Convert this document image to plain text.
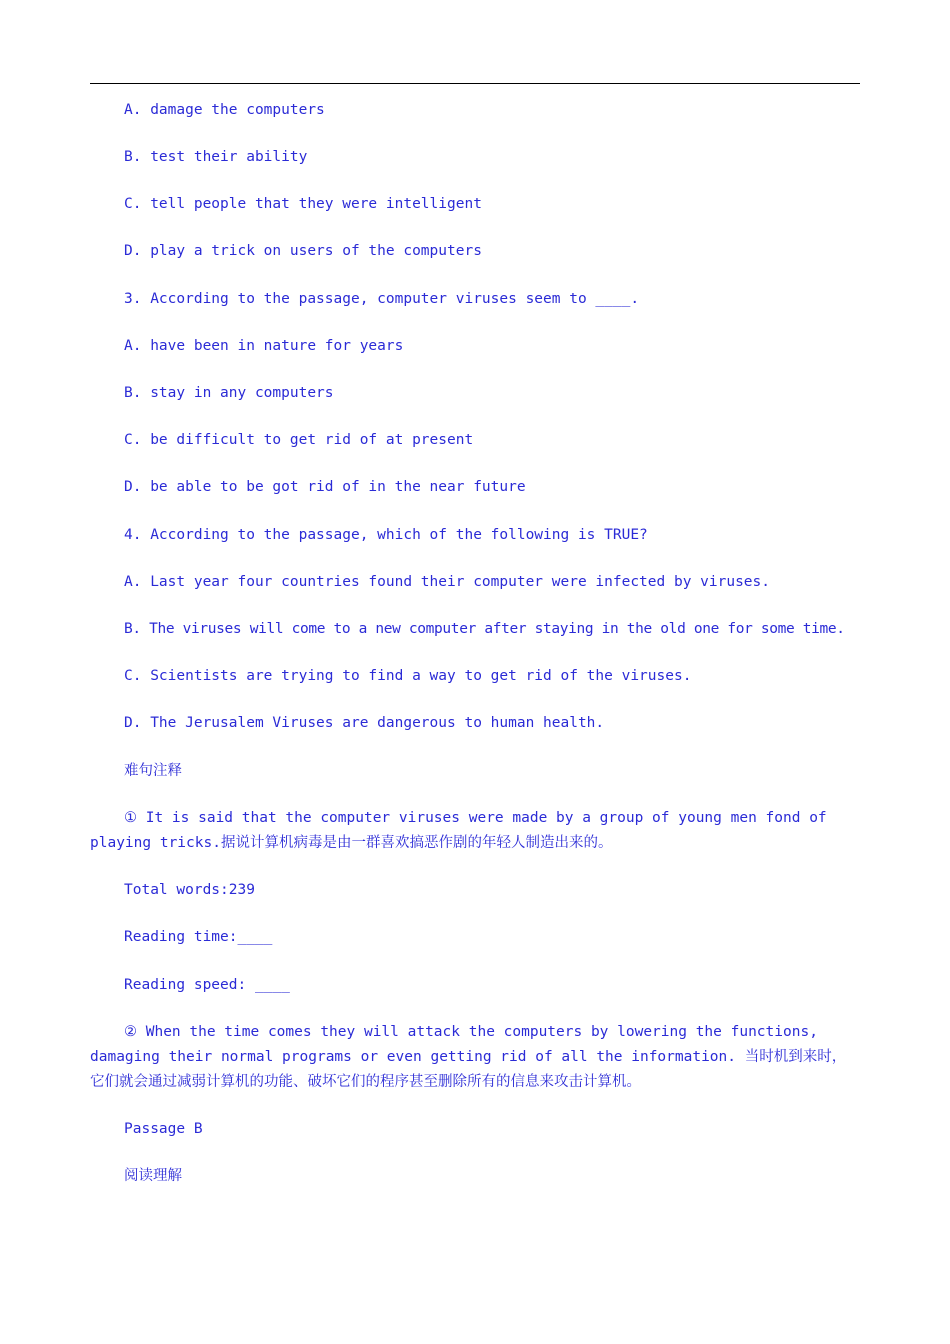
A. damage the computers

B. test their ability

C. tell people that they were intelligent

D. play a trick on users of the computers

3. According to the passage, computer viruses seem to ____.

A. have been in nature for years

B. stay in any computers

C. be difficult to get rid of at present

D. be able to be got rid of in the near future

4. According to the passage, which of the following is TRUE?

A. Last year four countries found their computer were infected by viruses.

B. The viruses will come to a new computer after staying in the old one for some time.

C. Scientists are trying to find a way to get rid of the viruses.

D. The Jerusalem Viruses are dangerous to human health.

难句注释

① It is said that the computer viruses were made by a group of young men fond of playing tricks.据说计算机病毒是由一群喜欢搞恶作剧的年轻人制造出来的。

Total words:239

Reading time:____

Reading speed: ____

② When the time comes they will attack the computers by lowering the functions, damaging their normal programs or even getting rid of all the information. 当时机到来时，它们就会通过减弱计算机的功能、破坏它们的程序甚至删除所有的信息来攻击计算机。

Passage B

阅读理解
